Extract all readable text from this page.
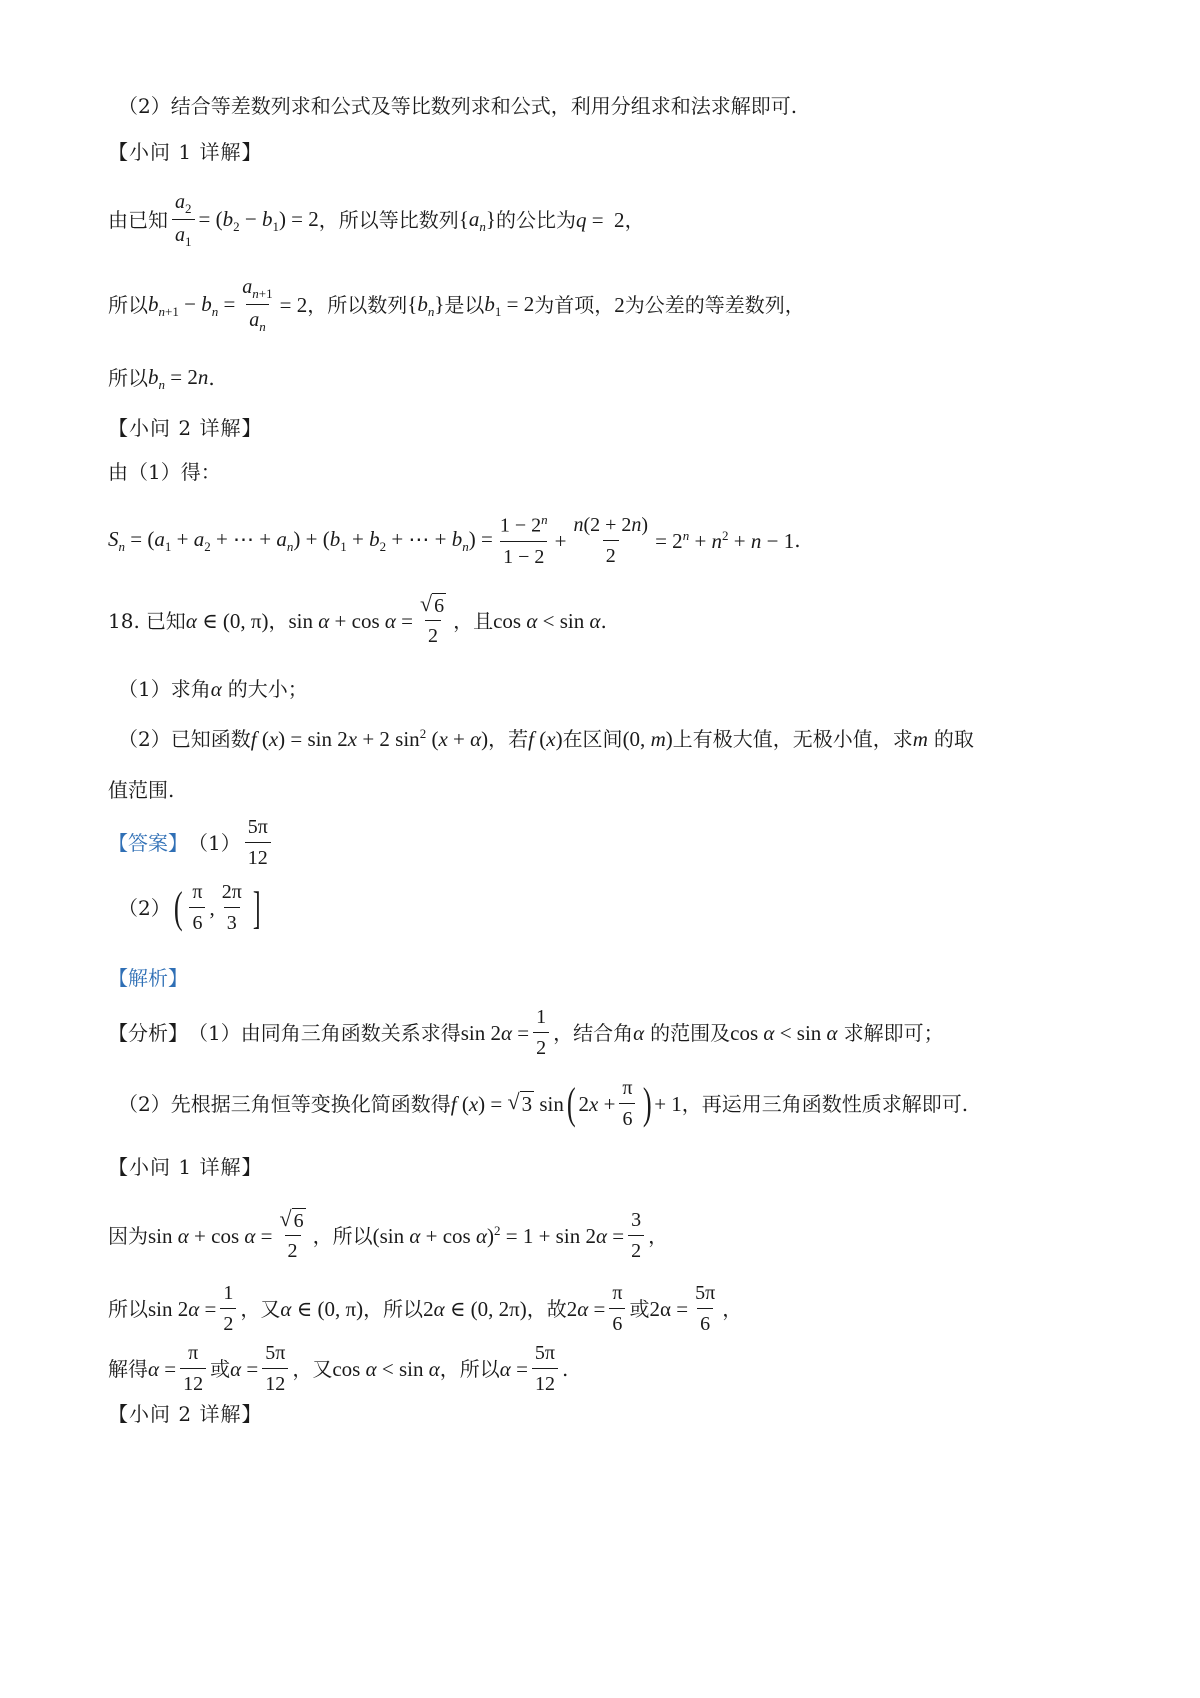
（2）结合等差数列求和公式及等比数列求和公式，利用分组求和法求解即可.
【小问 1 详解】
由已知 $\frac{a_2}{a_1} = (b_2 - b_1) = 2$ ，所以等比数列 $\{a_n\}$ 的公比为 q =  2 ，
所以 $b_{n+1} - b_n = \frac{a_{n+1}}{a_n} = 2$ ，所以数列 $\{b_n\}$ 是以 $b_1 = 2$ 为首项， 2 为公差的等差数列，
所以 $b_n = 2n$ .
【小问 2 详解】
由（1）得：
$S_n = (a_1 + a_2$ + ⋯ + $a_n) + (b_1 + b_2$ + ⋯ + $b_n) = \frac{1 - 2^n}{1 - 2} + \frac{n(2 + 2n)}{2} = 2^n + n^2 + n - 1$ .
18. 已知 α ∈ (0, π) ， $\sin \alpha + \cos \alpha = \frac{√ 6}{2}$ ，且 cos α < sin α .
（1）求角 α 的大小；
（2）已知函数 f (x) = sin 2x + 2 $\sin^2 (x + \alpha)$ ，若 f (x) 在区间 (0, m) 上有极大值，无极小值，求 m 的取
值范围.
【答案】 $(1) \frac{5\pi}{12}$
（2） ( $\frac{\pi}{6}$ , $\frac{2\pi}{3}$ ]
【解析】
【分析】 （1）由同角三角函数关系求得 $\sin 2\alpha = \frac{1}{2}$ ，结合角 α 的范围及 cos α < sin α 求解即可；
（2）先根据三角恒等变换化简函数得 f ( x ) = √ 3 sin ( 2 $x + \frac{\pi}{6}$ ) + 1 ，再运用三角函数性质求解即可.
【小问 1 详解】
因为 $\sin \alpha + \cos \alpha = \frac{√ 6}{2}$ ，所以 (sin $\alpha + \cos \alpha)^2 = 1 + \sin 2\alpha = \frac{3}{2}$ ，
所以 $\sin 2\alpha = \frac{1}{2}$ ，又 α ∈ (0, π) ，所以 2α ∈ (0, 2π) ，故 $2\alpha = \frac{\pi}{6}$ 或 $2\alpha = \frac{5\pi}{6}$ ，
解得 $\alpha = \frac{\pi}{12}$ 或 $\alpha = \frac{5\pi}{12}$ ，又 cos α < sin α ，所以 $\alpha = \frac{5\pi}{12}$ .
【小问 2 详解】
